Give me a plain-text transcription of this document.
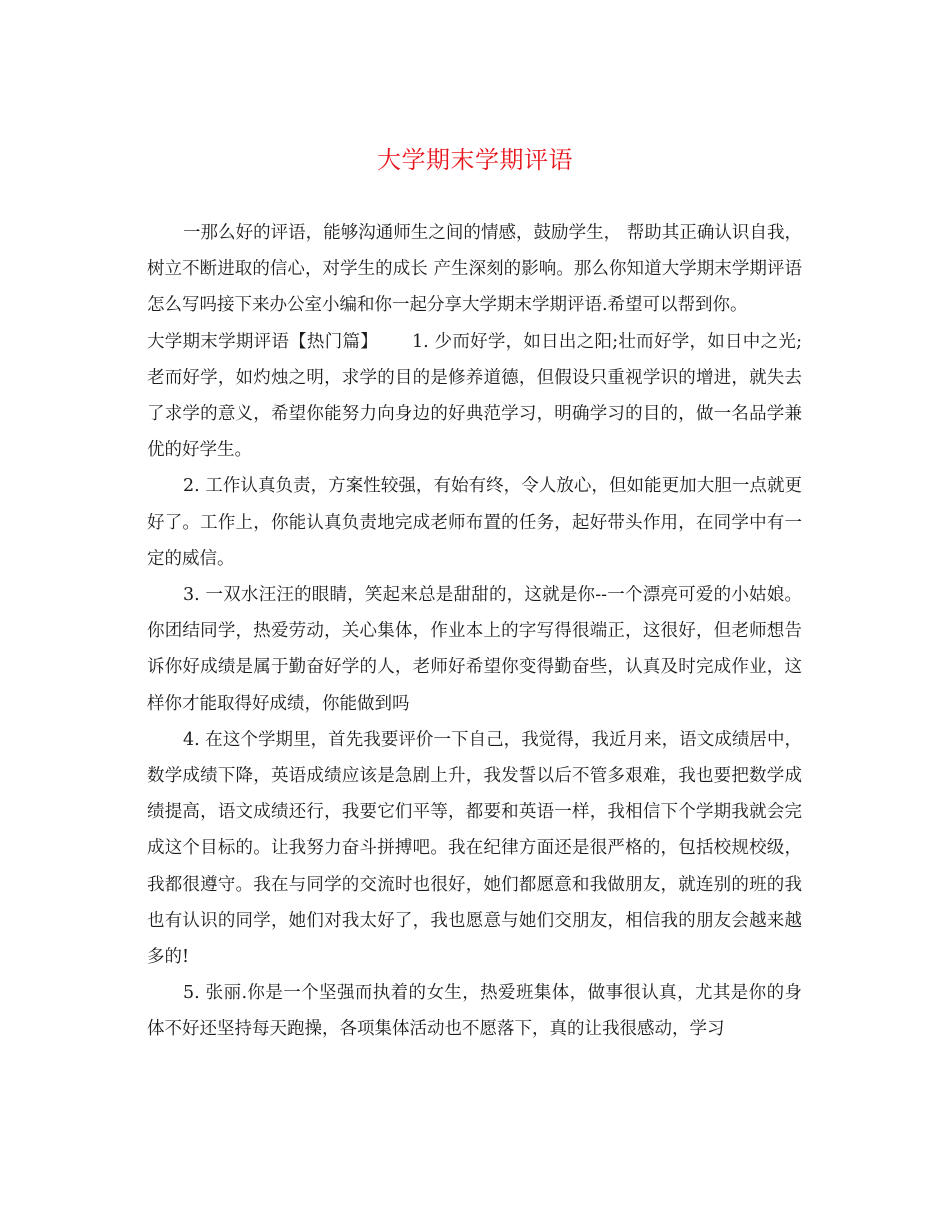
大学期末学期评语

一那么好的评语，能够沟通师生之间的情感，鼓励学生， 帮助其正确认识自我，树立不断进取的信心，对学生的成长 产生深刻的影响。那么你知道大学期末学期评语怎么写吗接下来办公室小编和你一起分享大学期末学期评语.希望可以帮到你。

大学期末学期评语【热门篇】 1. 少而好学，如日出之阳;壮而好学，如日中之光;老而好学，如灼烛之明，求学的目的是修养道德，但假设只重视学识的增进，就失去了求学的意义，希望你能努力向身边的好典范学习，明确学习的目的，做一名品学兼优的好学生。

2. 工作认真负责，方案性较强，有始有终，令人放心，但如能更加大胆一点就更好了。工作上，你能认真负责地完成老师布置的任务，起好带头作用，在同学中有一定的威信。

3. 一双水汪汪的眼睛，笑起来总是甜甜的，这就是你--一个漂亮可爱的小姑娘。你团结同学，热爱劳动，关心集体，作业本上的字写得很端正，这很好，但老师想告诉你好成绩是属于勤奋好学的人，老师好希望你变得勤奋些，认真及时完成作业，这样你才能取得好成绩，你能做到吗

4. 在这个学期里，首先我要评价一下自己，我觉得，我近月来，语文成绩居中，数学成绩下降，英语成绩应该是急剧上升，我发誓以后不管多艰难，我也要把数学成绩提高，语文成绩还行，我要它们平等，都要和英语一样，我相信下个学期我就会完成这个目标的。让我努力奋斗拼搏吧。我在纪律方面还是很严格的，包括校规校级，我都很遵守。我在与同学的交流时也很好，她们都愿意和我做朋友，就连别的班的我也有认识的同学，她们对我太好了，我也愿意与她们交朋友，相信我的朋友会越来越多的!

5. 张丽.你是一个坚强而执着的女生，热爱班集体，做事很认真，尤其是你的身体不好还坚持每天跑操，各项集体活动也不愿落下，真的让我很感动，学习
